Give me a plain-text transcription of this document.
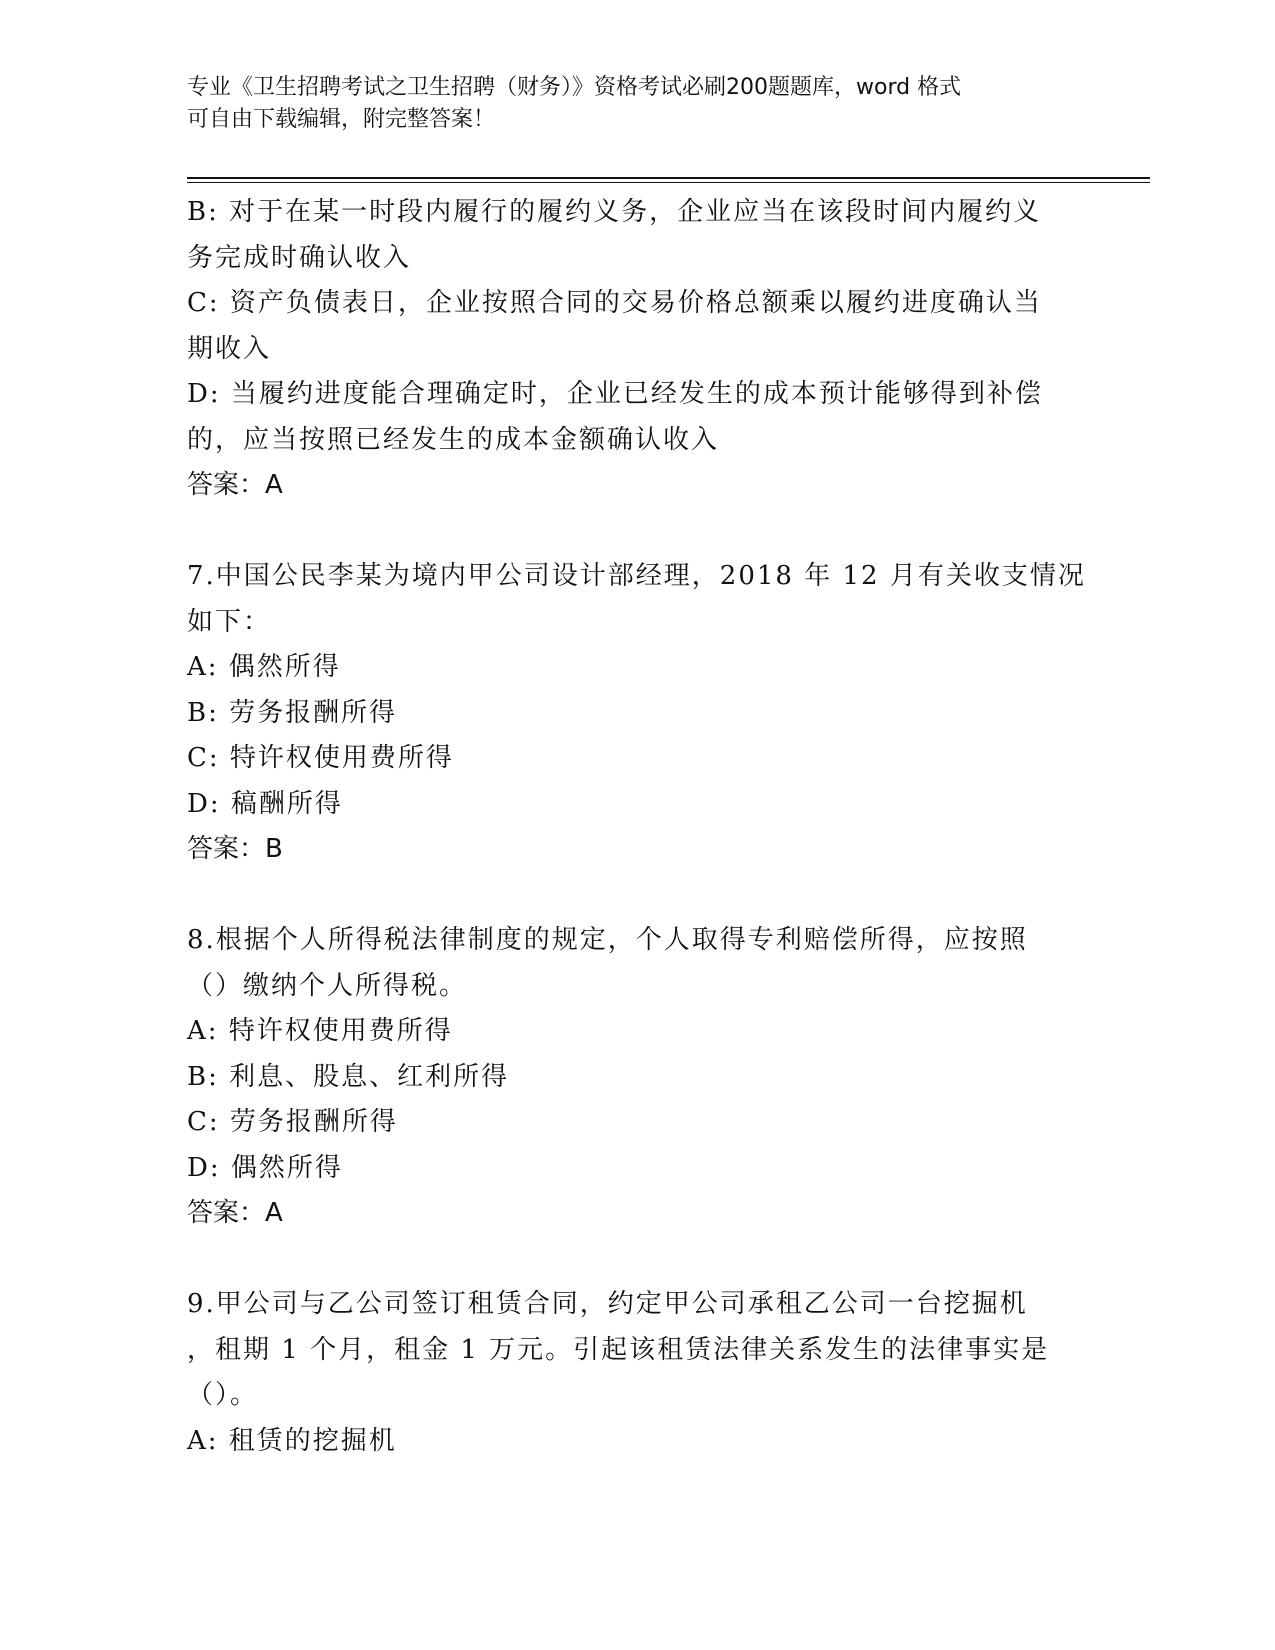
专业《卫生招聘考试之卫生招聘（财务）》资格考试必刷200题题库，word 格式
可自由下载编辑，附完整答案！
B: 对于在某一时段内履行的履约义务，企业应当在该段时间内履约义
务完成时确认收入
C: 资产负债表日，企业按照合同的交易价格总额乘以履约进度确认当
期收入
D: 当履约进度能合理确定时，企业已经发生的成本预计能够得到补偿
的，应当按照已经发生的成本金额确认收入
答案：A
7.中国公民李某为境内甲公司设计部经理，2018 年 12 月有关收支情况
如下：
A: 偶然所得
B: 劳务报酬所得
C: 特许权使用费所得
D: 稿酬所得
答案：B
8.根据个人所得税法律制度的规定，个人取得专利赔偿所得，应按照
（）缴纳个人所得税。
A: 特许权使用费所得
B: 利息、股息、红利所得
C: 劳务报酬所得
D: 偶然所得
答案：A
9.甲公司与乙公司签订租赁合同，约定甲公司承租乙公司一台挖掘机
，租期 1 个月，租金 1 万元。引起该租赁法律关系发生的法律事实是
（）。
A: 租赁的挖掘机
